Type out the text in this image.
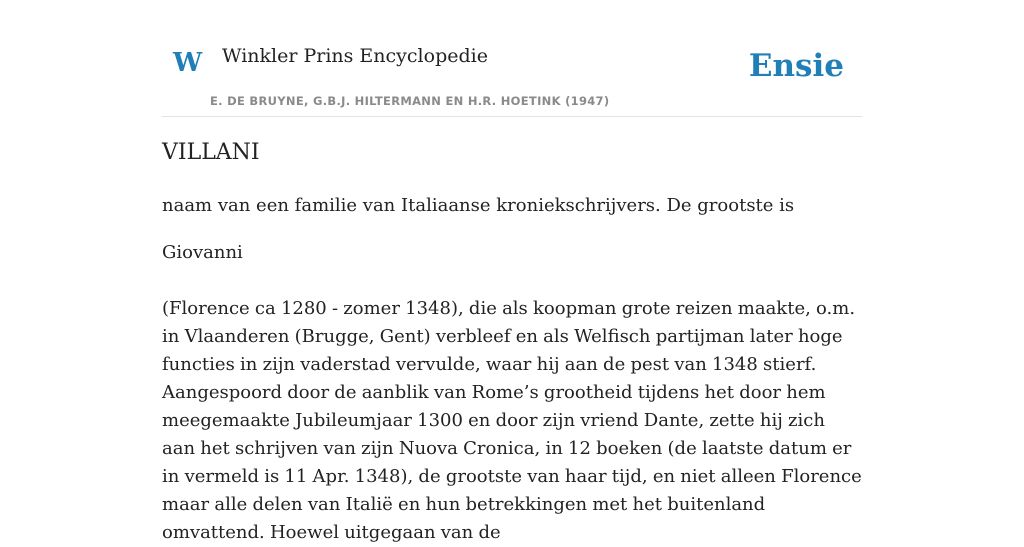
W Winkler Prins Encyclopedie	Ensie
E. DE BRUYNE, G.B.J. HILTERMANN EN H.R. HOETINK (1947)
VILLANI
naam van een familie van Italiaanse kroniekschrijvers. De grootste is
Giovanni

(Florence ca 1280 - zomer 1348), die als koopman grote reizen maakte, o.m. in Vlaanderen (Brugge, Gent) verbleef en als Welfisch partijman later hoge functies in zijn vaderstad vervulde, waar hij aan de pest van 1348 stierf. Aangespoord door de aanblik van Rome’s grootheid tijdens het door hem meegemaakte Jubileumjaar 1300 en door zijn vriend Dante, zette hij zich aan het schrijven van zijn Nuova Cronica, in 12 boeken (de laatste datum er in vermeld is 11 Apr. 1348), de grootste van haar tijd, en niet alleen Florence maar alle delen van Italië en hun betrekkingen met het buitenland omvattend. Hoewel uitgegaan van de
